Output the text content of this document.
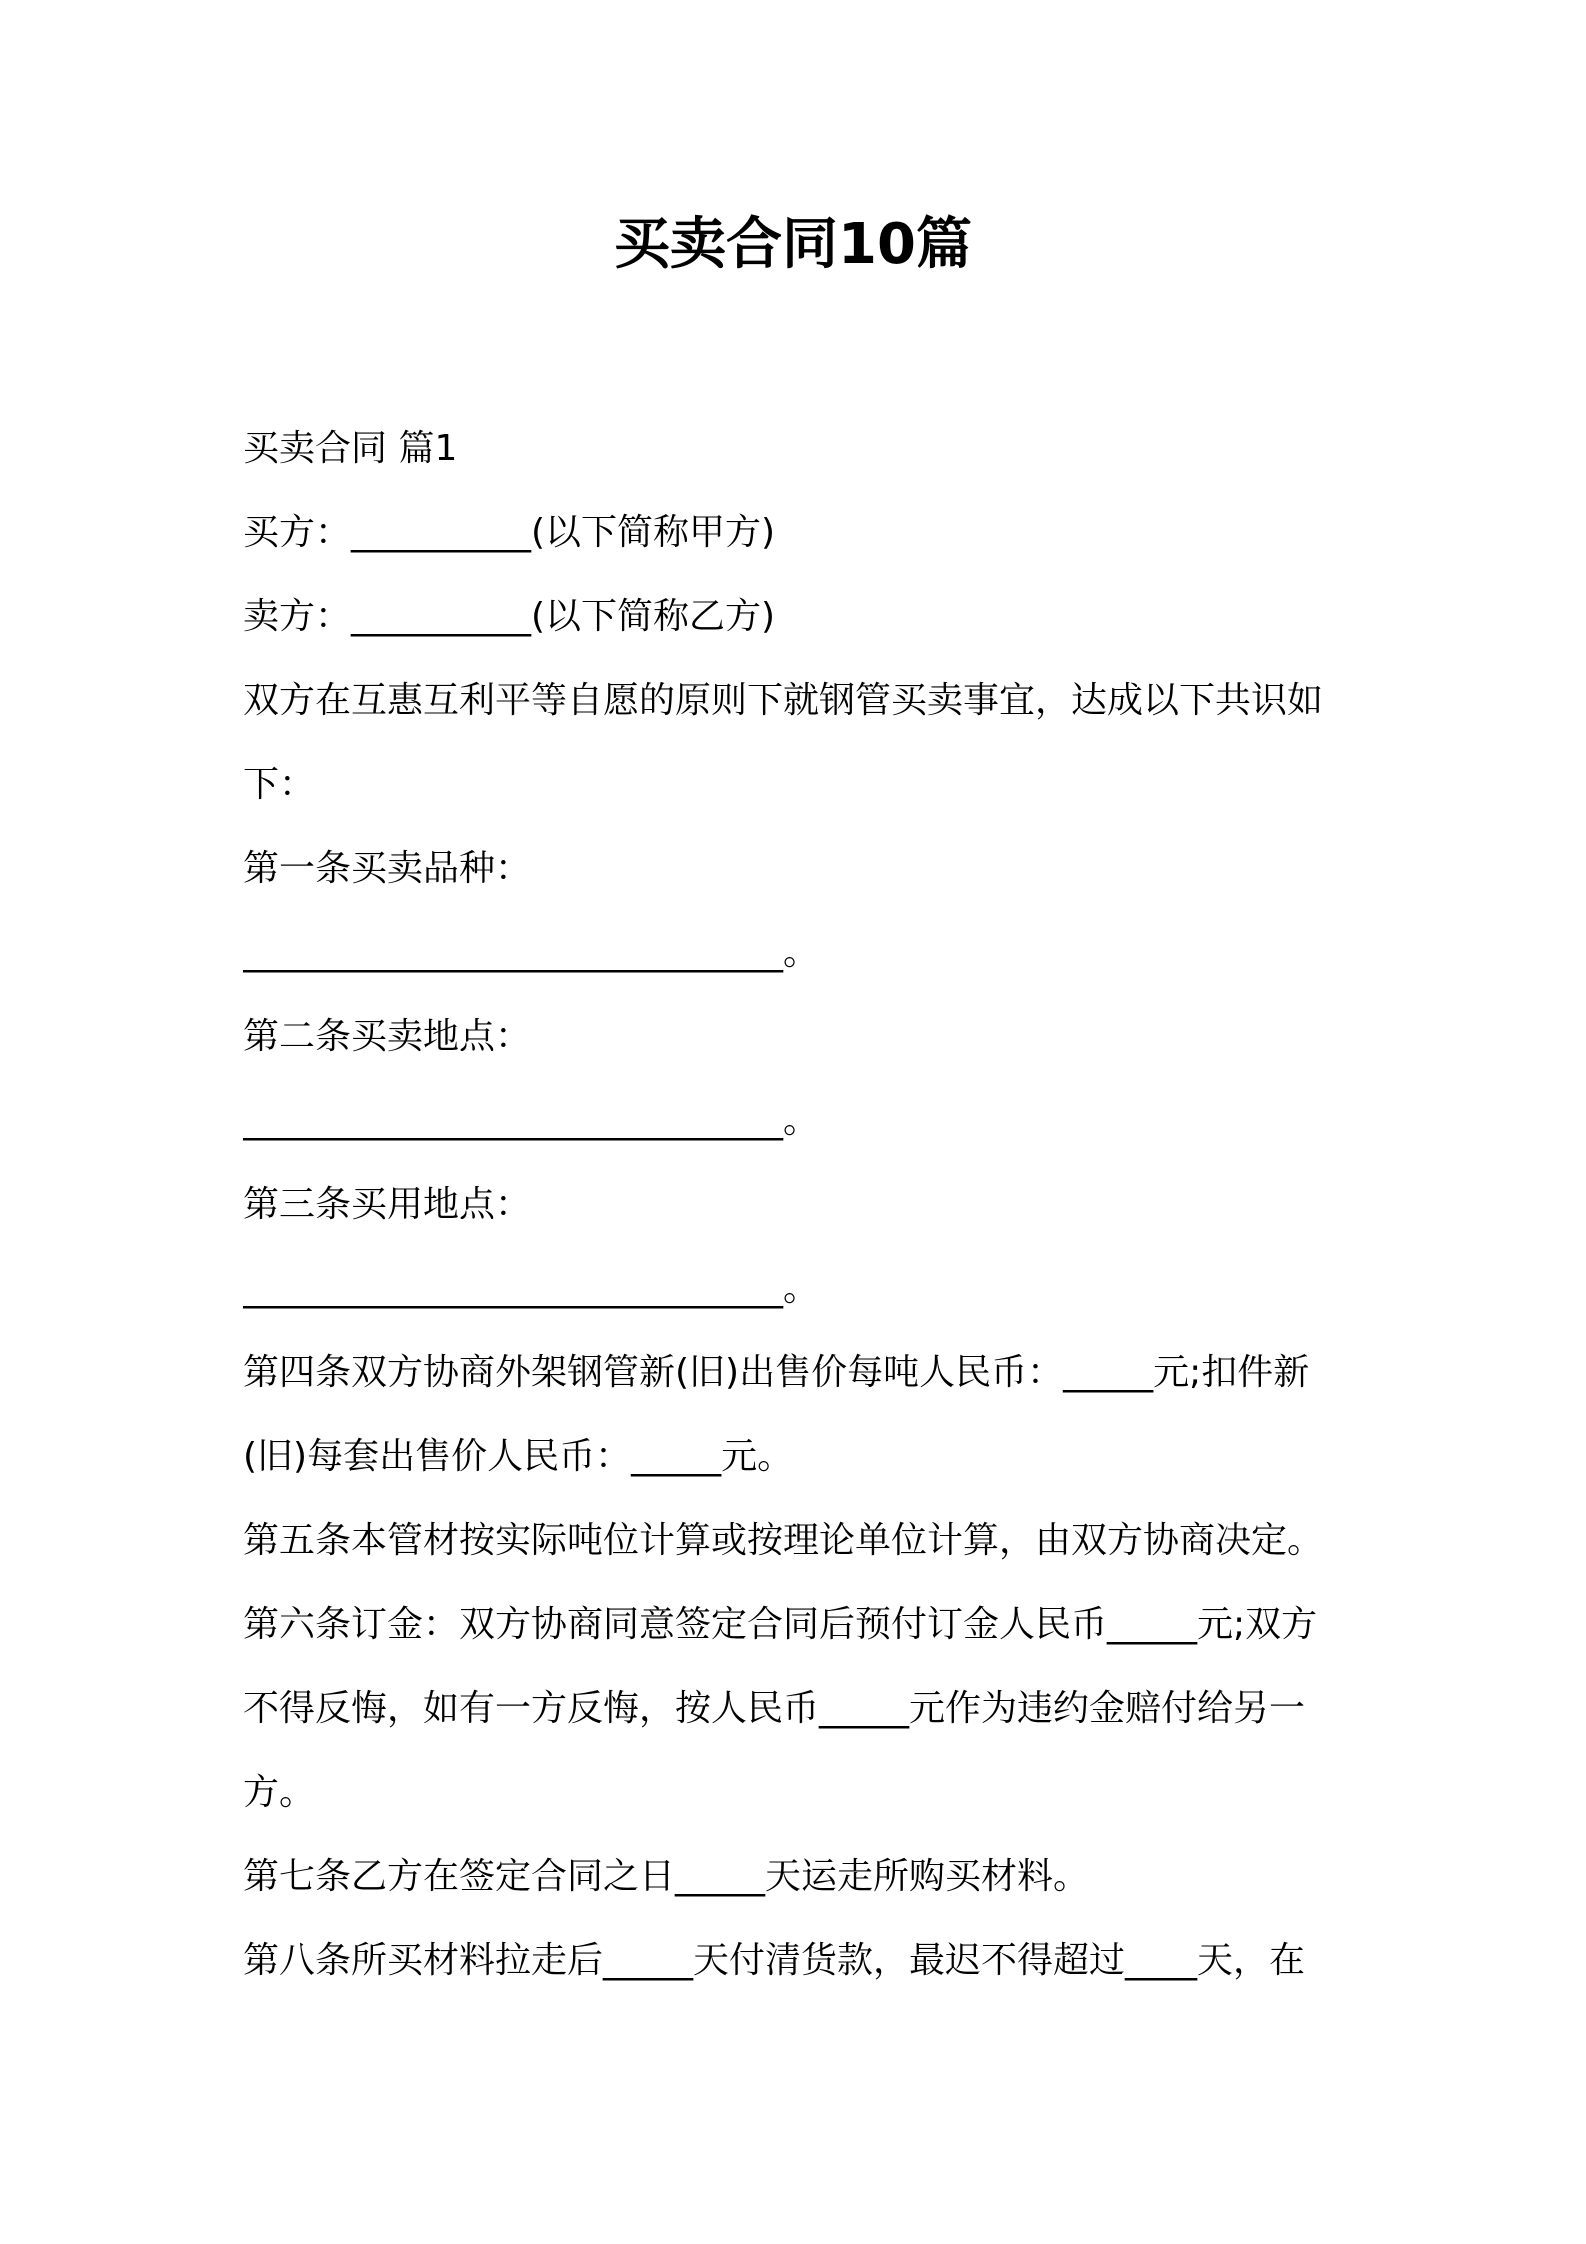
买卖合同10篇
买卖合同 篇1
买方：__________(以下简称甲方)
卖方：__________(以下简称乙方)
双方在互惠互利平等自愿的原则下就钢管买卖事宜，达成以下共识如
下：
第一条买卖品种：
______________________________。
第二条买卖地点：
______________________________。
第三条买用地点：
______________________________。
第四条双方协商外架钢管新(旧)出售价每吨人民币：_____元;扣件新
(旧)每套出售价人民币：_____元。
第五条本管材按实际吨位计算或按理论单位计算，由双方协商决定。
第六条订金：双方协商同意签定合同后预付订金人民币_____元;双方
不得反悔，如有一方反悔，按人民币_____元作为违约金赔付给另一
方。
第七条乙方在签定合同之日_____天运走所购买材料。
第八条所买材料拉走后_____天付清货款，最迟不得超过____天，在
